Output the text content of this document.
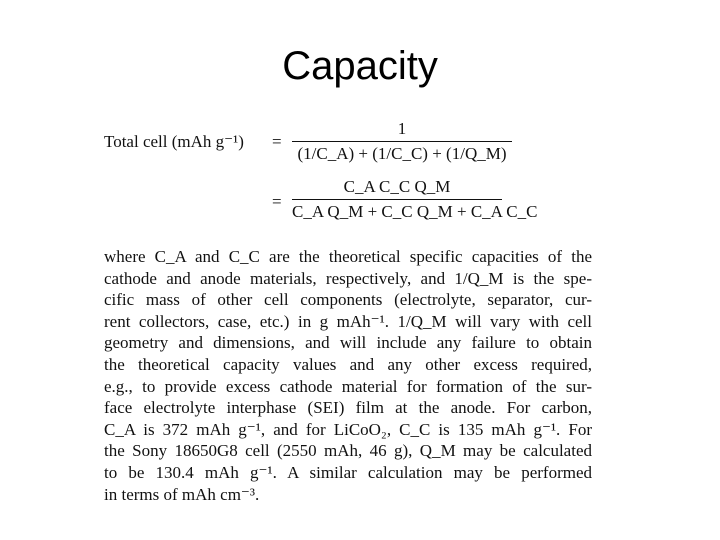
Capacity
Total cell (mAh g⁻¹) =
1
(1/C_A) + (1/C_C) + (1/Q_M)
=
C_A C_C Q_M
C_A Q_M + C_C Q_M + C_A C_C
where C_A and C_C are the theoretical specific capacities of the
cathode and anode materials, respectively, and 1/Q_M is the spe-
cific mass of other cell components (electrolyte, separator, cur-
rent collectors, case, etc.) in g mAh⁻¹. 1/Q_M will vary with cell
geometry and dimensions, and will include any failure to obtain
the theoretical capacity values and any other excess required,
e.g., to provide excess cathode material for formation of the sur-
face electrolyte interphase (SEI) film at the anode. For carbon,
C_A is 372 mAh g⁻¹, and for LiCoO₂, C_C is 135 mAh g⁻¹. For
the Sony 18650G8 cell (2550 mAh, 46 g), Q_M may be calculated
to be 130.4 mAh g⁻¹. A similar calculation may be performed
in terms of mAh cm⁻³.
